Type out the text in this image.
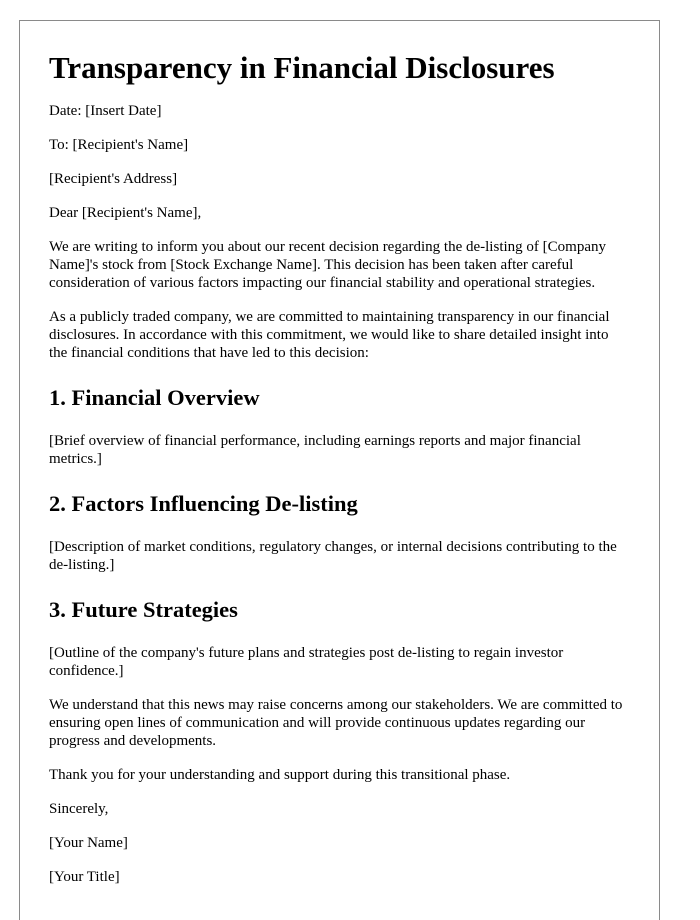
Transparency in Financial Disclosures

Date: [Insert Date]

To: [Recipient's Name]

[Recipient's Address]

Dear [Recipient's Name],

We are writing to inform you about our recent decision regarding the de-listing of [Company Name]'s stock from [Stock Exchange Name]. This decision has been taken after careful consideration of various factors impacting our financial stability and operational strategies.

As a publicly traded company, we are committed to maintaining transparency in our financial disclosures. In accordance with this commitment, we would like to share detailed insight into the financial conditions that have led to this decision:

1. Financial Overview

[Brief overview of financial performance, including earnings reports and major financial metrics.]

2. Factors Influencing De-listing

[Description of market conditions, regulatory changes, or internal decisions contributing to the de-listing.]

3. Future Strategies

[Outline of the company's future plans and strategies post de-listing to regain investor confidence.]

We understand that this news may raise concerns among our stakeholders. We are committed to ensuring open lines of communication and will provide continuous updates regarding our progress and developments.

Thank you for your understanding and support during this transitional phase.

Sincerely,

[Your Name]

[Your Title]
